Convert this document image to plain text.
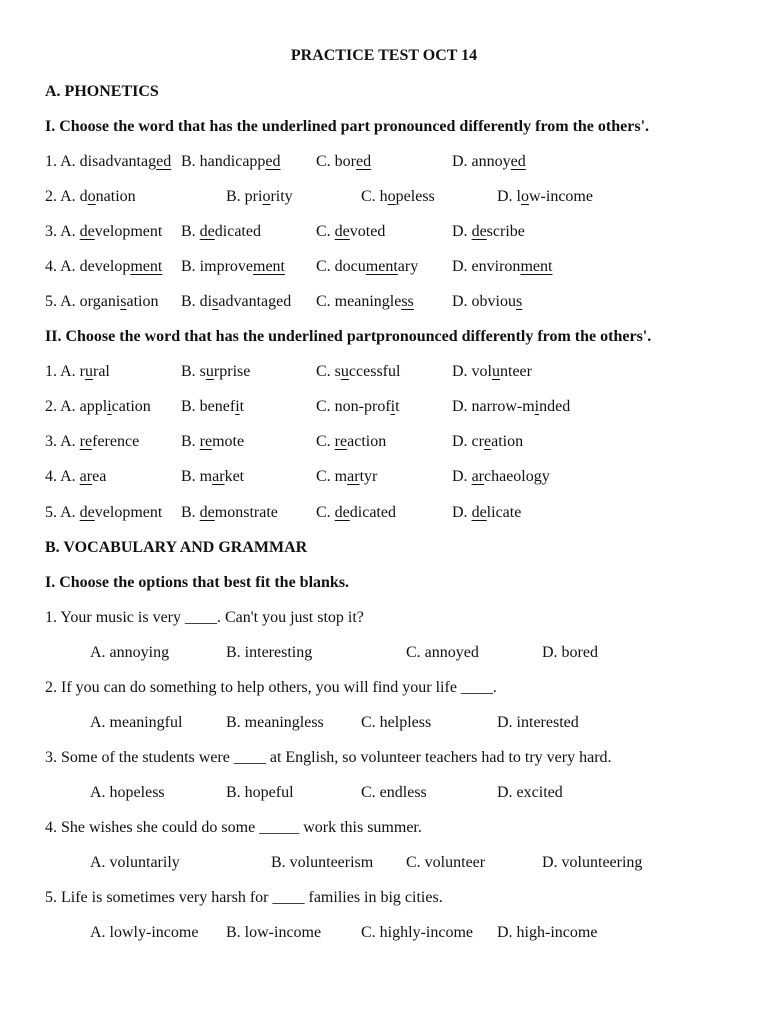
PRACTICE TEST OCT 14
A. PHONETICS
I. Choose the word that has the underlined part pronounced differently from the others'.
1. A. disadvantaged B. handicapped C. bored	D. annoyed
2. A. donation	B. priority	C. hopeless	D. low-income
3. A. development B. dedicated	C. devoted	D. describe
4. A. development B. improvement C. documentary D. environment
5. A. organisation B. disadvantaged C. meaningless D. obvious
II. Choose the word that has the underlined partpronounced differently from the others'.
1. A. rural	B. surprise	C. successful	D. volunteer
2. A. application B. benefit	C. non-profit	D. narrow-minded
3. A. reference	B. remote	C. reaction	D. creation
4. A. area	B. market	C. martyr	D. archaeology
5. A. development B. demonstrate C. dedicated	D. delicate
B. VOCABULARY AND GRAMMAR
I. Choose the options that best fit the blanks.
1. Your music is very ____. Can't you just stop it?
A. annoying	B. interesting	C. annoyed	D. bored
2. If you can do something to help others, you will find your life ____.
A. meaningful	B. meaningless C. helpless	D. interested
3. Some of the students were ____ at English, so volunteer teachers had to try very hard.
A. hopeless	B. hopeful	C. endless	D. excited
4. She wishes she could do some _____ work this summer.
A. voluntarily	B. volunteerism C. volunteer	D. volunteering
5. Life is sometimes very harsh for ____ families in big cities.
A. lowly-income B. low-income C. highly-income D. high-income
